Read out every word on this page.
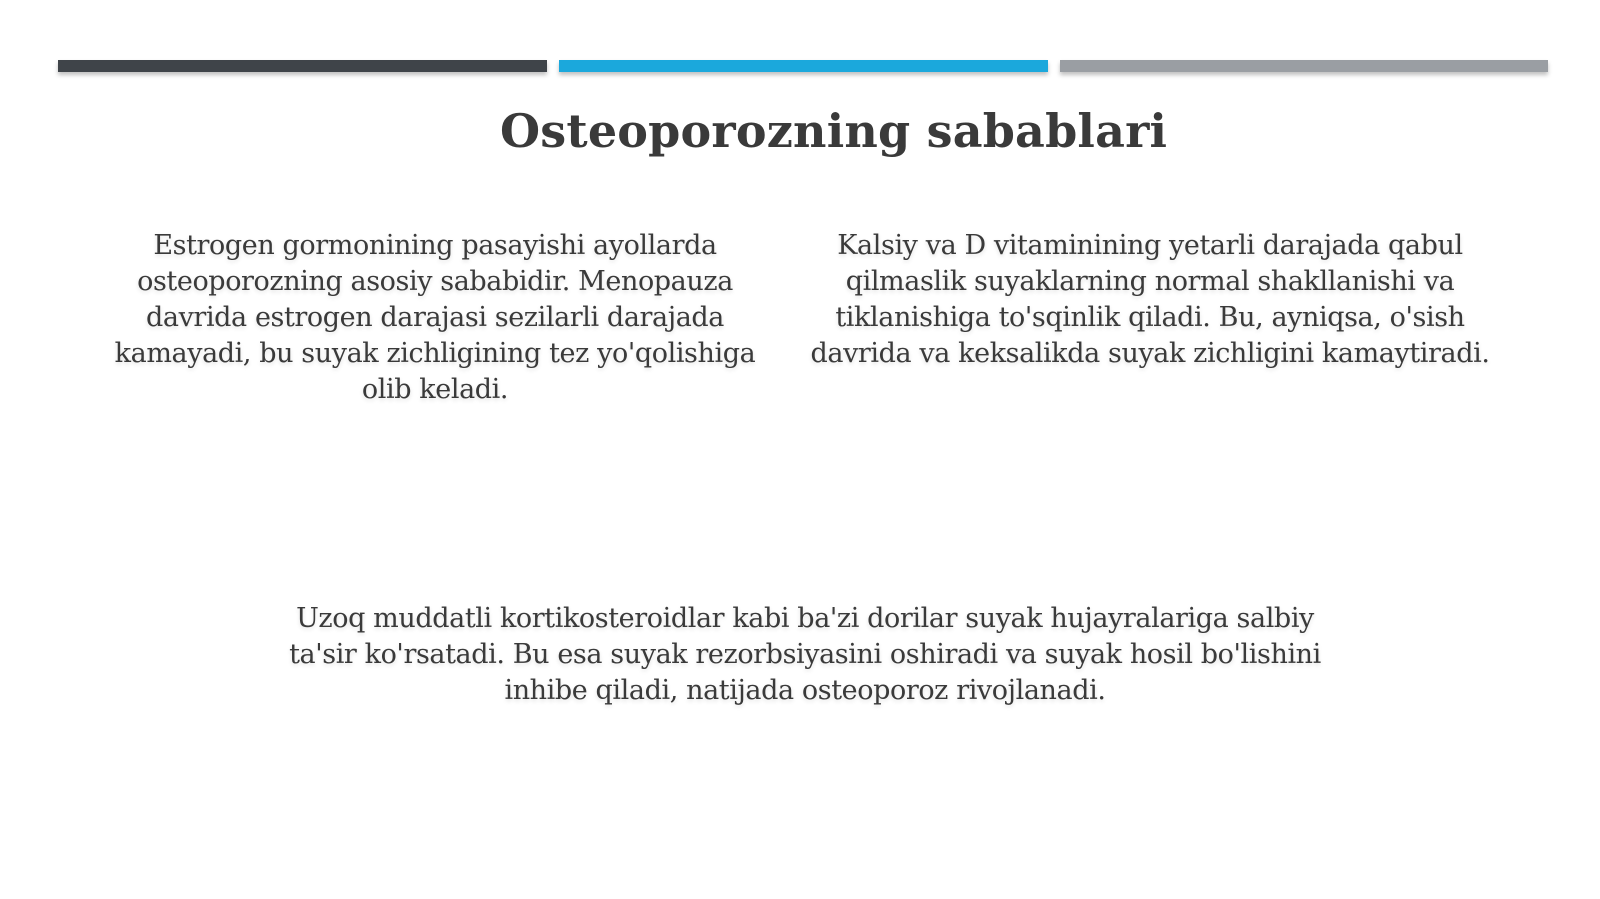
Osteoporozning sabablari
Estrogen gormonining pasayishi ayollarda osteoporozning asosiy sababidir. Menopauza davrida estrogen darajasi sezilarli darajada kamayadi, bu suyak zichligining tez yo'qolishiga olib keladi.
Kalsiy va D vitaminining yetarli darajada qabul qilmaslik suyaklarning normal shakllanishi va tiklanishiga to'sqinlik qiladi. Bu, ayniqsa, o'sish davrida va keksalikda suyak zichligini kamaytiradi.
Uzoq muddatli kortikosteroidlar kabi ba'zi dorilar suyak hujayralariga salbiy ta'sir ko'rsatadi. Bu esa suyak rezorbsiyasini oshiradi va suyak hosil bo'lishini inhibe qiladi, natijada osteoporoz rivojlanadi.
